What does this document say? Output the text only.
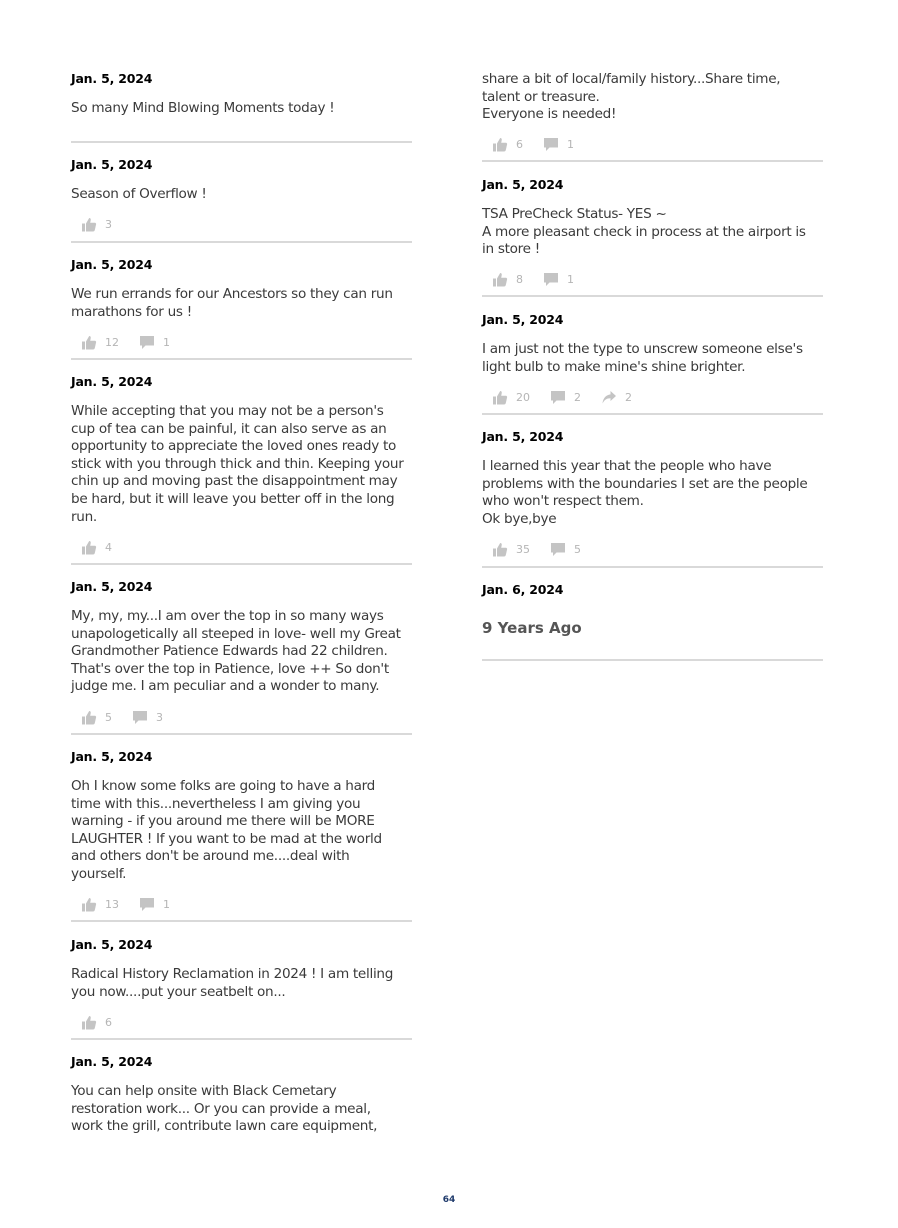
Jan. 5, 2024
So many Mind Blowing Moments today !
Jan. 5, 2024
Season of Overflow !
3
Jan. 5, 2024
We run errands for our Ancestors so they can run
marathons for us !
12	1
Jan. 5, 2024
While accepting that you may not be a person's
cup of tea can be painful, it can also serve as an
opportunity to appreciate the loved ones ready to
stick with you through thick and thin. Keeping your
chin up and moving past the disappointment may
be hard, but it will leave you better off in the long
run.
4
Jan. 5, 2024
My, my, my...I am over the top in so many ways
unapologetically all steeped in love- well my Great
Grandmother Patience Edwards had 22 children.
That's over the top in Patience, love ++ So don't
judge me. I am peculiar and a wonder to many.
5	3
Jan. 5, 2024
Oh I know some folks are going to have a hard
time with this...nevertheless I am giving you
warning - if you around me there will be MORE
LAUGHTER ! If you want to be mad at the world
and others don't be around me....deal with
yourself.
13	1
Jan. 5, 2024
Radical History Reclamation in 2024 ! I am telling
you now....put your seatbelt on...
6
Jan. 5, 2024
You can help onsite with Black Cemetary
restoration work... Or you can provide a meal,
work the grill, contribute lawn care equipment,
share a bit of local/family history...Share time,
talent or treasure.
Everyone is needed!
6	1
Jan. 5, 2024
TSA PreCheck Status- YES ~
A more pleasant check in process at the airport is
in store !
8	1
Jan. 5, 2024
I am just not the type to unscrew someone else's
light bulb to make mine's shine brighter.
20	2	2
Jan. 5, 2024
I learned this year that the people who have
problems with the boundaries I set are the people
who won't respect them.
Ok bye,bye
35	5
Jan. 6, 2024
9 Years Ago
64
